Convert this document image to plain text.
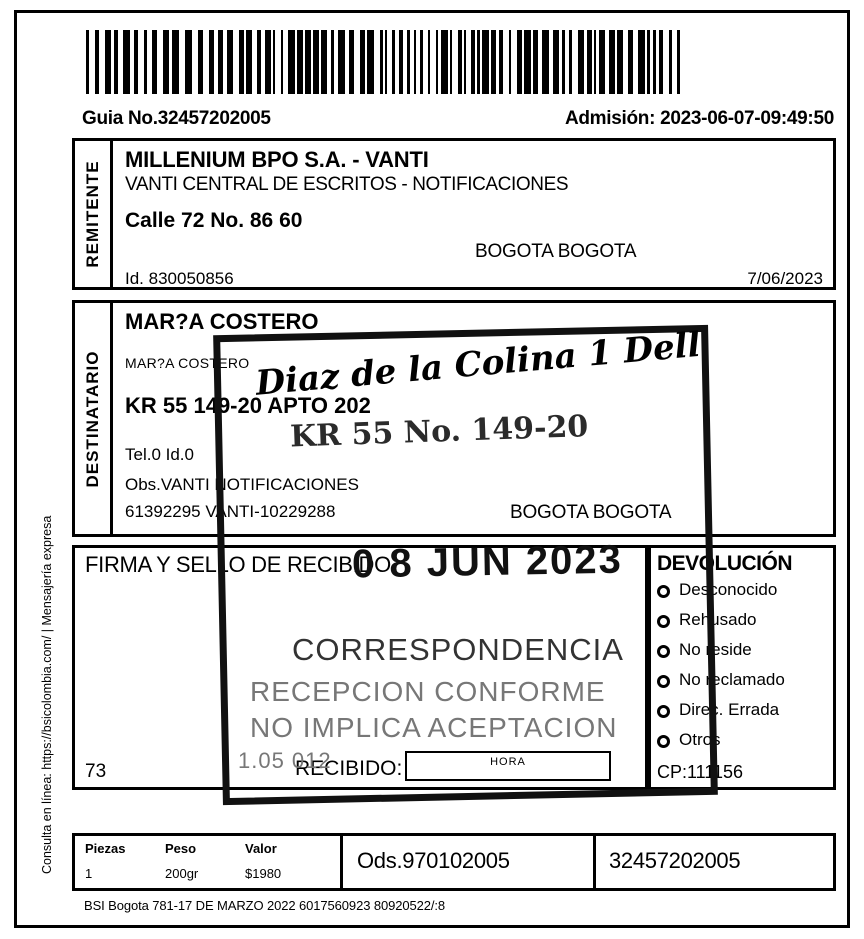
Guia No.32457202005	Admisión: 2023-06-07-09:49:50
Consulta en línea: https://bsicolombia.com/ | Mensajería expresa
REMITENTE
MILLENIUM BPO S.A. - VANTI
VANTI CENTRAL DE ESCRITOS - NOTIFICACIONES
Calle 72 No. 86 60
BOGOTA BOGOTA
Id. 830050856	7/06/2023
DESTINATARIO
MAR?A COSTERO
MAR?A COSTERO
KR 55 149-20 APTO 202
Tel.0 Id.0
Obs.VANTI NOTIFICACIONES
61392295 VANTI-10229288	BOGOTA BOGOTA
FIRMA Y SELLO DE RECIBIDO
73	RECIBIDO:	HORA
DEVOLUCIÓN
Desconocido
Rehusado
No reside
No reclamado
Direc. Errada
Otros
CP:111156
Piezas	Peso	Valor
1	200gr	$1980
Ods.970102005	32457202005
BSI Bogota 781-17 DE MARZO 2022 6017560923 80920522/:8
Diaz de la Colina 1 Dell
KR 55 No. 149-20
0 8 JUN 2023
CORRESPONDENCIA
RECEPCION CONFORME
NO IMPLICA ACEPTACION
1.05 012
